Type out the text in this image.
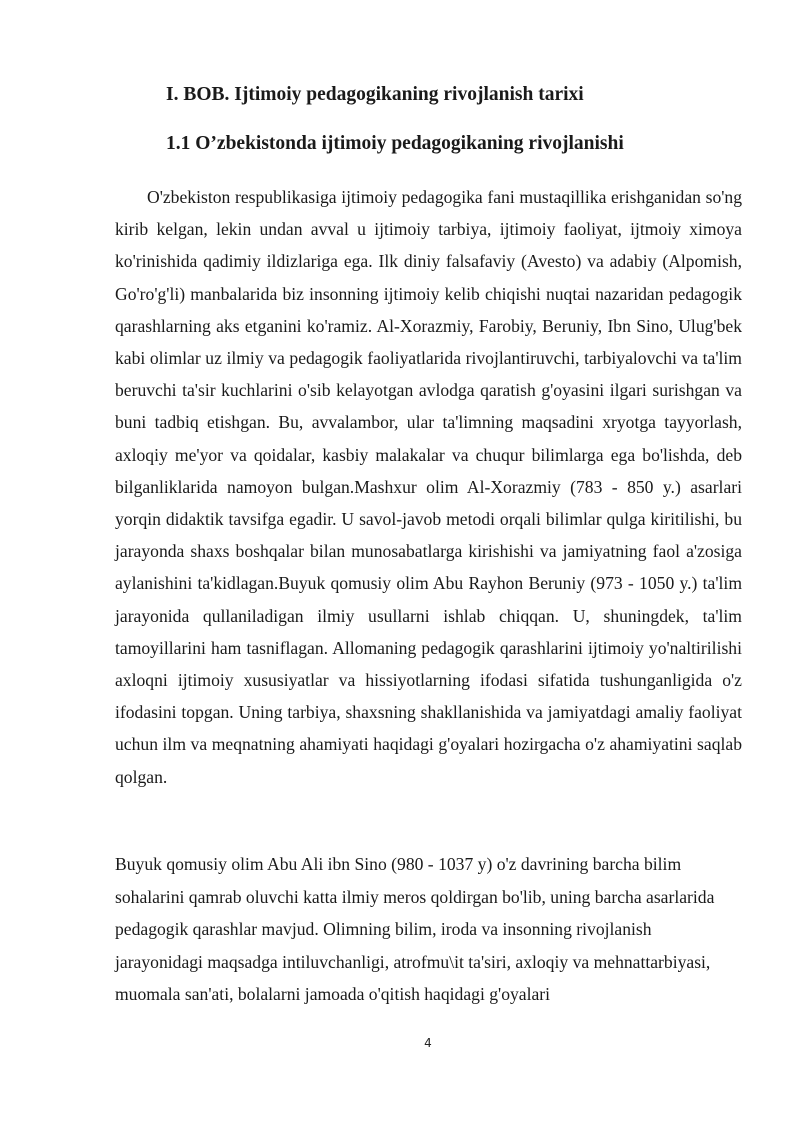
I. BOB. Ijtimoiy pedagogikaning rivojlanish tarixi
1.1 O’zbekistonda ijtimoiy pedagogikaning rivojlanishi
O'zbekiston respublikasiga ijtimoiy pedagogika fani mustaqillika erishganidan so'ng kirib kelgan, lekin undan avval u ijtimoiy tarbiya, ijtimoiy faoliyat, ijtmoiy ximoya ko'rinishida qadimiy ildizlariga ega. Ilk diniy falsafaviy (Avesto) va adabiy (Alpomish, Go'ro'g'li) manbalarida biz insonning ijtimoiy kelib chiqishi nuqtai nazaridan pedagogik qarashlarning aks etganini ko'ramiz. Al-Xorazmiy, Farobiy, Beruniy, Ibn Sino, Ulug'bek kabi olimlar uz ilmiy va pedagogik faoliyatlarida rivojlantiruvchi, tarbiyalovchi va ta'lim beruvchi ta'sir kuchlarini o'sib kelayotgan avlodga qaratish g'oyasini ilgari surishgan va buni tadbiq etishgan. Bu, avvalambor, ular ta'limning maqsadini xryotga tayyorlash, axloqiy me'yor va qoidalar, kasbiy malakalar va chuqur bilimlarga ega bo'lishda, deb bilganliklarida namoyon bulgan.Mashxur olim Al-Xorazmiy (783 - 850 y.) asarlari yorqin didaktik tavsifga egadir. U savol-javob metodi orqali bilimlar qulga kiritilishi, bu jarayonda shaxs boshqalar bilan munosabatlarga kirishishi va jamiyatning faol a'zosiga aylanishini ta'kidlagan.Buyuk qomusiy olim Abu Rayhon Beruniy (973 - 1050 y.) ta'lim jarayonida qullaniladigan ilmiy usullarni ishlab chiqqan. U, shuningdek, ta'lim tamoyillarini ham tasniflagan. Allomaning pedagogik qarashlarini ijtimoiy yo'naltirilishi axloqni ijtimoiy xususiyatlar va hissiyotlarning ifodasi sifatida tushunganligida o'z ifodasini topgan. Uning tarbiya, shaxsning shakllanishida va jamiyatdagi amaliy faoliyat uchun ilm va meqnatning ahamiyati haqidagi g'oyalari hozirgacha o'z ahamiyatini saqlab qolgan.
Buyuk qomusiy olim Abu Ali ibn Sino (980 - 1037 y) o'z davrining barcha bilim sohalarini qamrab oluvchi katta ilmiy meros qoldirgan bo'lib, uning barcha asarlarida pedagogik qarashlar mavjud. Olimning bilim, iroda va insonning rivojlanish jarayonidagi maqsadga intiluvchanligi, atrofmu\it ta'siri, axloqiy va mehnattarbiyasi, muomala san'ati, bolalarni jamoada o'qitish haqidagi g'oyalari
4
